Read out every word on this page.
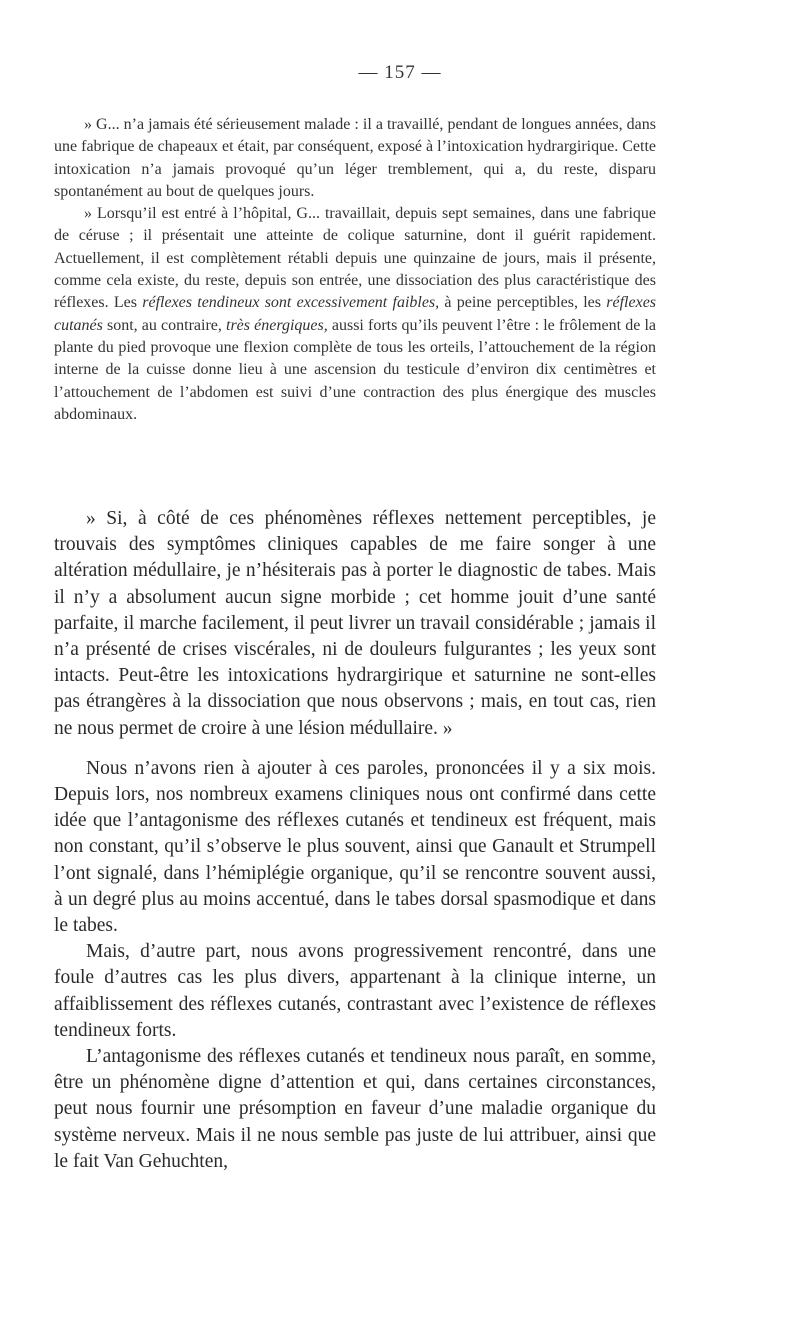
— 157 —

» G... n’a jamais été sérieusement malade : il a travaillé, pendant de longues années, dans une fabrique de chapeaux et était, par conséquent, exposé à l’intoxication hydrargirique. Cette intoxication n’a jamais provoqué qu’un léger tremblement, qui a, du reste, disparu spontanément au bout de quelques jours.

» Lorsqu’il est entré à l’hôpital, G... travaillait, depuis sept semaines, dans une fabrique de céruse ; il présentait une atteinte de colique saturnine, dont il guérit rapidement. Actuellement, il est complètement rétabli depuis une quinzaine de jours, mais il présente, comme cela existe, du reste, depuis son entrée, une dissociation des plus caractéristique des réflexes. Les réflexes tendineux sont excessivement faibles, à peine perceptibles, les réflexes cutanés sont, au contraire, très énergiques, aussi forts qu’ils peuvent l’être : le frôlement de la plante du pied provoque une flexion complète de tous les orteils, l’attouchement de la région interne de la cuisse donne lieu à une ascension du testicule d’environ dix centimètres et l’attouchement de l’abdomen est suivi d’une contraction des plus énergique des muscles abdominaux.

» Si, à côté de ces phénomènes réflexes nettement perceptibles, je trouvais des symptômes cliniques capables de me faire songer à une altération médullaire, je n’hésiterais pas à porter le diagnostic de tabes. Mais il n’y a absolument aucun signe morbide ; cet homme jouit d’une santé parfaite, il marche facilement, il peut livrer un travail considérable ; jamais il n’a présenté de crises viscérales, ni de douleurs fulgurantes ; les yeux sont intacts. Peut-être les intoxications hydrargirique et saturnine ne sont-elles pas étrangères à la dissociation que nous observons ; mais, en tout cas, rien ne nous permet de croire à une lésion médullaire. »

Nous n’avons rien à ajouter à ces paroles, prononcées il y a six mois. Depuis lors, nos nombreux examens cliniques nous ont confirmé dans cette idée que l’antagonisme des réflexes cutanés et tendineux est fréquent, mais non constant, qu’il s’observe le plus souvent, ainsi que Ganault et Strumpell l’ont signalé, dans l’hémiplégie organique, qu’il se rencontre souvent aussi, à un degré plus au moins accentué, dans le tabes dorsal spasmodique et dans le tabes.

Mais, d’autre part, nous avons progressivement rencontré, dans une foule d’autres cas les plus divers, appartenant à la clinique interne, un affaiblissement des réflexes cutanés, contrastant avec l’existence de réflexes tendineux forts.

L’antagonisme des réflexes cutanés et tendineux nous paraît, en somme, être un phénomène digne d’attention et qui, dans certaines circonstances, peut nous fournir une présomption en faveur d’une maladie organique du système nerveux. Mais il ne nous semble pas juste de lui attribuer, ainsi que le fait Van Gehuchten,
